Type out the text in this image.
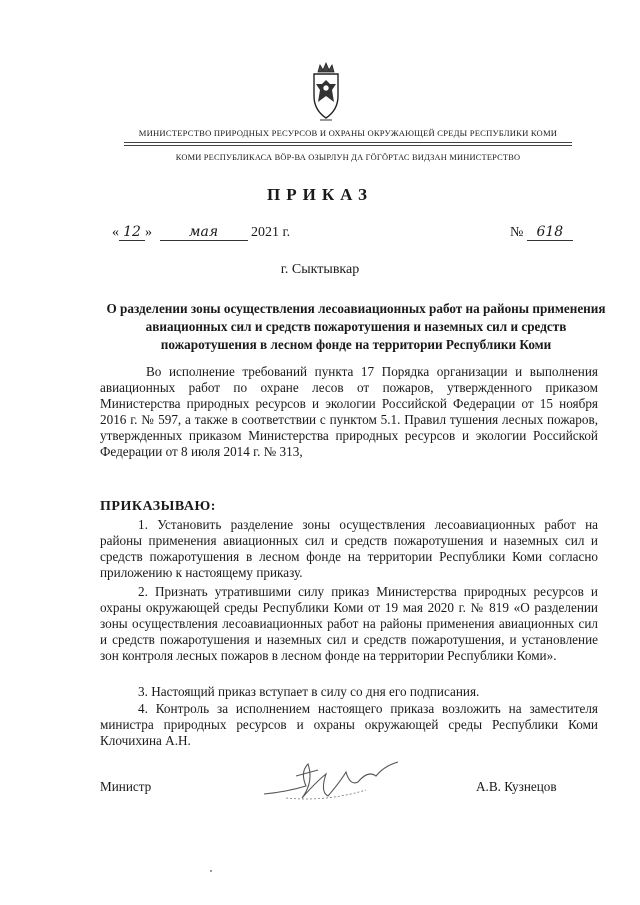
МИНИСТЕРСТВО ПРИРОДНЫХ РЕСУРСОВ И ОХРАНЫ ОКРУЖАЮЩЕЙ СРЕДЫ РЕСПУБЛИКИ КОМИ
КОМИ РЕСПУБЛИКАСА ВӦР-ВА ОЗЫРЛУН ДА ГӦГӦРТАС ВИДЗАН МИНИСТЕРСТВО
ПРИКАЗ
« 12 »	мая 2021 г.	№ 618
г. Сыктывкар
О разделении зоны осуществления лесоавиационных работ на районы применения авиационных сил и средств пожаротушения и наземных сил и средств пожаротушения в лесном фонде на территории Республики Коми
Во исполнение требований пункта 17 Порядка организации и выполнения авиационных работ по охране лесов от пожаров, утвержденного приказом Министерства природных ресурсов и экологии Российской Федерации от 15 ноября 2016 г. № 597, а также в соответствии с пунктом 5.1. Правил тушения лесных пожаров, утвержденных приказом Министерства природных ресурсов и экологии Российской Федерации от 8 июля 2014 г. № 313,
ПРИКАЗЫВАЮ:
1. Установить разделение зоны осуществления лесоавиационных работ на районы применения авиационных сил и средств пожаротушения и наземных сил и средств пожаротушения в лесном фонде на территории Республики Коми согласно приложению к настоящему приказу.
2. Признать утратившими силу приказ Министерства природных ресурсов и охраны окружающей среды Республики Коми от 19 мая 2020 г. № 819 «О разделении зоны осуществления лесоавиационных работ на районы применения авиационных сил и средств пожаротушения и наземных сил и средств пожаротушения, и установление зон контроля лесных пожаров в лесном фонде на территории Республики Коми».
3. Настоящий приказ вступает в силу со дня его подписания.
4. Контроль за исполнением настоящего приказа возложить на заместителя министра природных ресурсов и охраны окружающей среды Республики Коми Клочихина А.Н.
Министр	А.В. Кузнецов
